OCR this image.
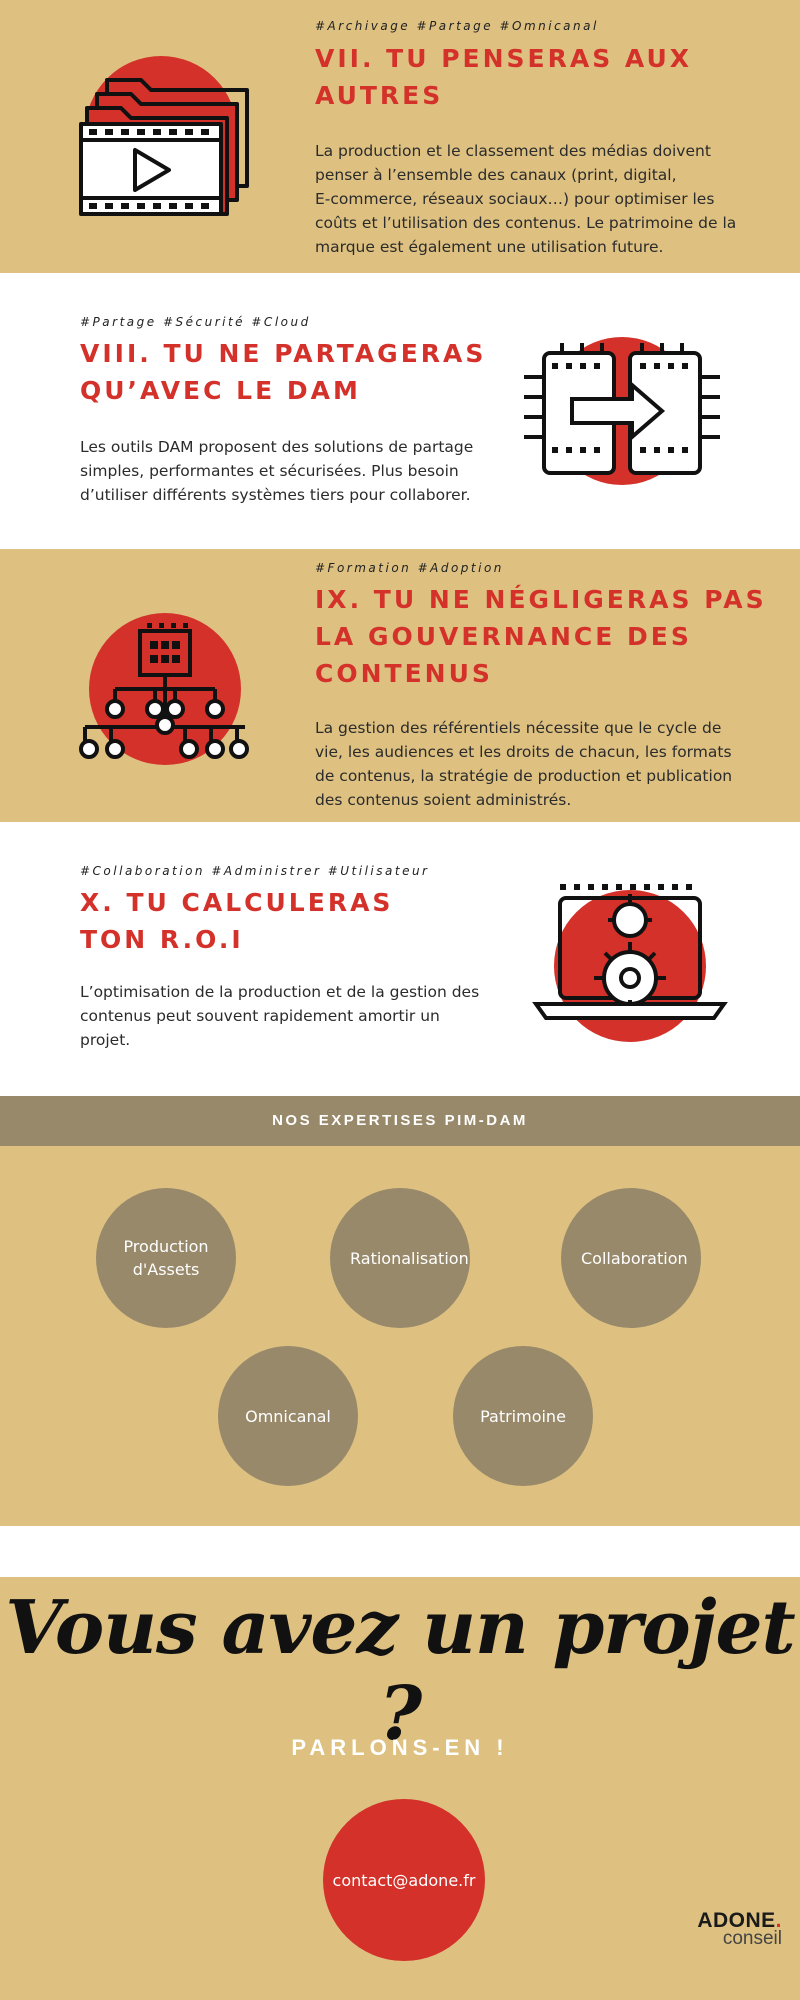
#Archivage #Partage #Omnicanal
VII. TU PENSERAS AUX
AUTRES

La production et le classement des médias doivent
penser à l’ensemble des canaux (print, digital,
E-commerce, réseaux sociaux…) pour optimiser les
coûts et l’utilisation des contenus. Le patrimoine de la
marque est également une utilisation future.

#Partage #Sécurité #Cloud
VIII. TU NE PARTAGERAS
QU’AVEC LE DAM

Les outils DAM proposent des solutions de partage
simples, performantes et sécurisées. Plus besoin
d’utiliser différents systèmes tiers pour collaborer.

#Formation #Adoption
IX. TU NE NÉGLIGERAS PAS
LA GOUVERNANCE DES
CONTENUS

La gestion des référentiels nécessite que le cycle de
vie, les audiences et les droits de chacun, les formats
de contenus, la stratégie de production et publication
des contenus soient administrés.

#Collaboration #Administrer #Utilisateur
X. TU CALCULERAS
TON R.O.I

L’optimisation de la production et de la gestion des
contenus peut souvent rapidement amortir un
projet.

NOS EXPERTISES PIM-DAM
Production d'Assets
Rationalisation	Collaboration
Omnicanal	Patrimoine
Vous avez un projet ?
PARLONS-EN !
contact@adone.fr
ADONE.
conseil
